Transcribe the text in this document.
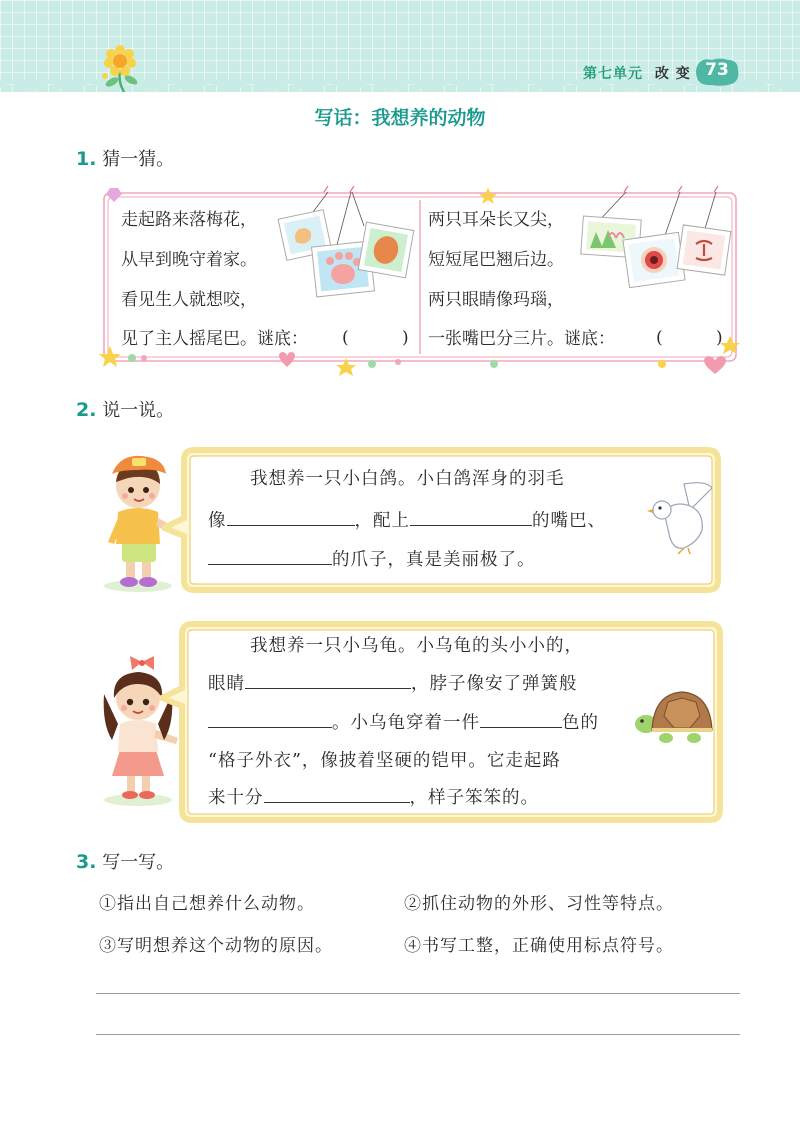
第七单元 改 变 73
写话：我想养的动物
1. 猜一猜。
走起路来落梅花，
从早到晚守着家。
看见生人就想咬，
见了主人摇尾巴。谜底： (	)
两只耳朵长又尖，
短短尾巴翘后边。
两只眼睛像玛瑙，
一张嘴巴分三片。谜底： (	)
2. 说一说。
我想养一只小白鸽。小白鸽浑身的羽毛
像	，配上	的嘴巴、
的爪子，真是美丽极了。
我想养一只小乌龟。小乌龟的头小小的，
眼睛	，脖子像安了弹簧般
。小乌龟穿着一件	色的
“格子外衣”，像披着坚硬的铠甲。它走起路
来十分	，样子笨笨的。
3. 写一写。
①指出自己想养什么动物。	②抓住动物的外形、习性等特点。
③写明想养这个动物的原因。	④书写工整，正确使用标点符号。
